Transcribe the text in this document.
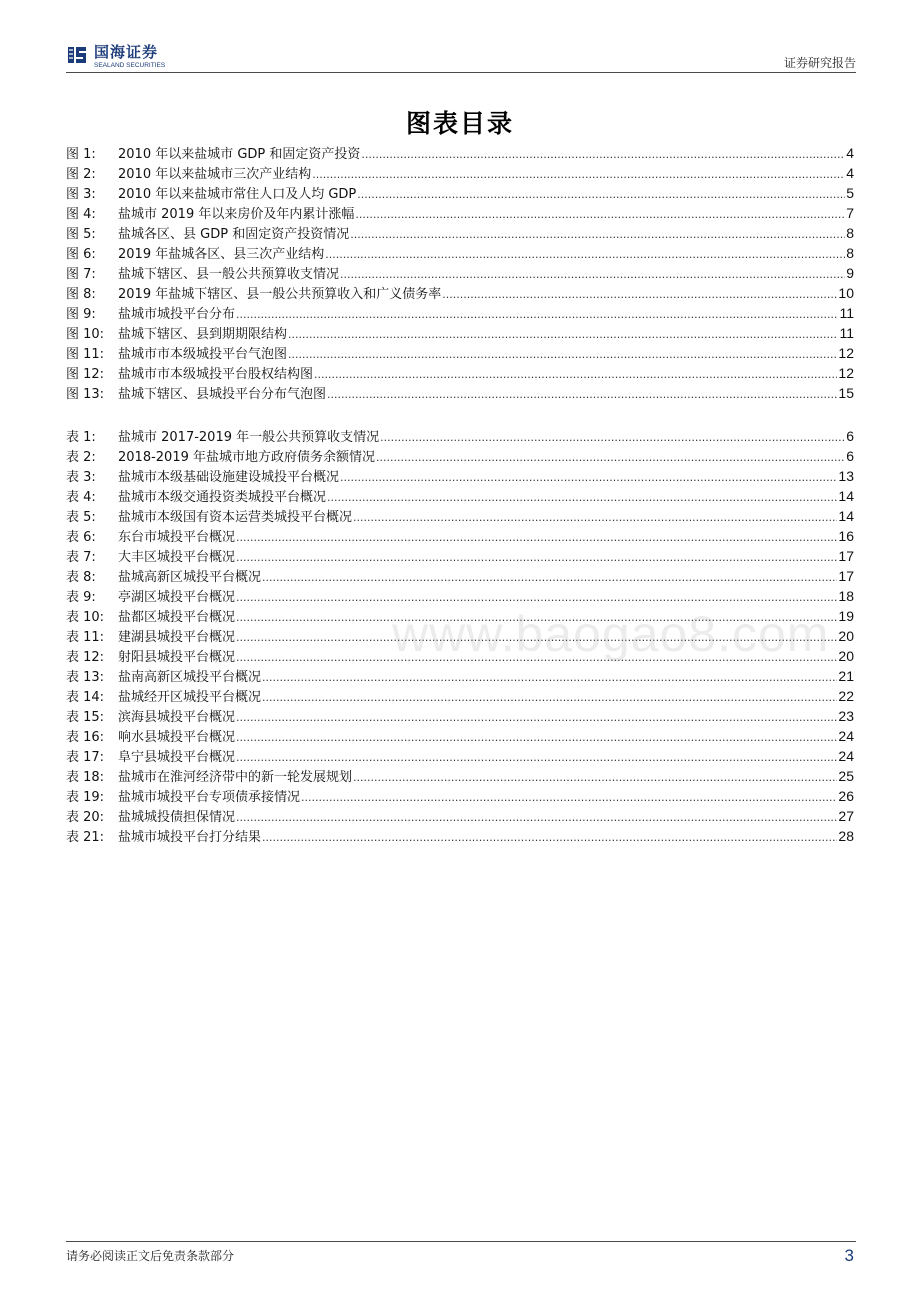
国海证券
SEALAND SECURITIES	证券研究报告
图表目录
图 1:	2010 年以来盐城市 GDP 和固定资产投资 .....	4
图 2:	2010 年以来盐城市三次产业结构 .....	4
图 3:	2010 年以来盐城市常住人口及人均 GDP .....	5
图 4:	盐城市 2019 年以来房价及年内累计涨幅 .....	7
图 5:	盐城各区、县 GDP 和固定资产投资情况 .....	8
图 6:	2019 年盐城各区、县三次产业结构 .....	8
图 7:	盐城下辖区、县一般公共预算收支情况 .....	9
图 8:	2019 年盐城下辖区、县一般公共预算收入和广义债务率 .....	10
图 9:	盐城市城投平台分布 .....	11
图 10:	盐城下辖区、县到期期限结构 .....	11
图 11:	盐城市市本级城投平台气泡图 .....	12
图 12:	盐城市市本级城投平台股权结构图 .....	12
图 13:	盐城下辖区、县城投平台分布气泡图 .....	15
表 1:	盐城市 2017-2019 年一般公共预算收支情况 .....	6
表 2:	2018-2019 年盐城市地方政府债务余额情况 .....	6
表 3:	盐城市本级基础设施建设城投平台概况 .....	13
表 4:	盐城市本级交通投资类城投平台概况 .....	14
表 5:	盐城市本级国有资本运营类城投平台概况 .....	14
表 6:	东台市城投平台概况 .....	16
表 7:	大丰区城投平台概况 .....	17
表 8:	盐城高新区城投平台概况 .....	17
表 9:	亭湖区城投平台概况 .....	18
表 10:	盐都区城投平台概况 .....	19
表 11:	建湖县城投平台概况 .....	20
表 12:	射阳县城投平台概况 .....	20
表 13:	盐南高新区城投平台概况 .....	21
表 14:	盐城经开区城投平台概况 .....	22
表 15:	滨海县城投平台概况 .....	23
表 16:	响水县城投平台概况 .....	24
表 17:	阜宁县城投平台概况 .....	24
表 18:	盐城市在淮河经济带中的新一轮发展规划 .....	25
表 19:	盐城市城投平台专项债承接情况 .....	26
表 20:	盐城城投债担保情况 .....	27
表 21:	盐城市城投平台打分结果 .....	28
www.baogao8.com
请务必阅读正文后免责条款部分	3
